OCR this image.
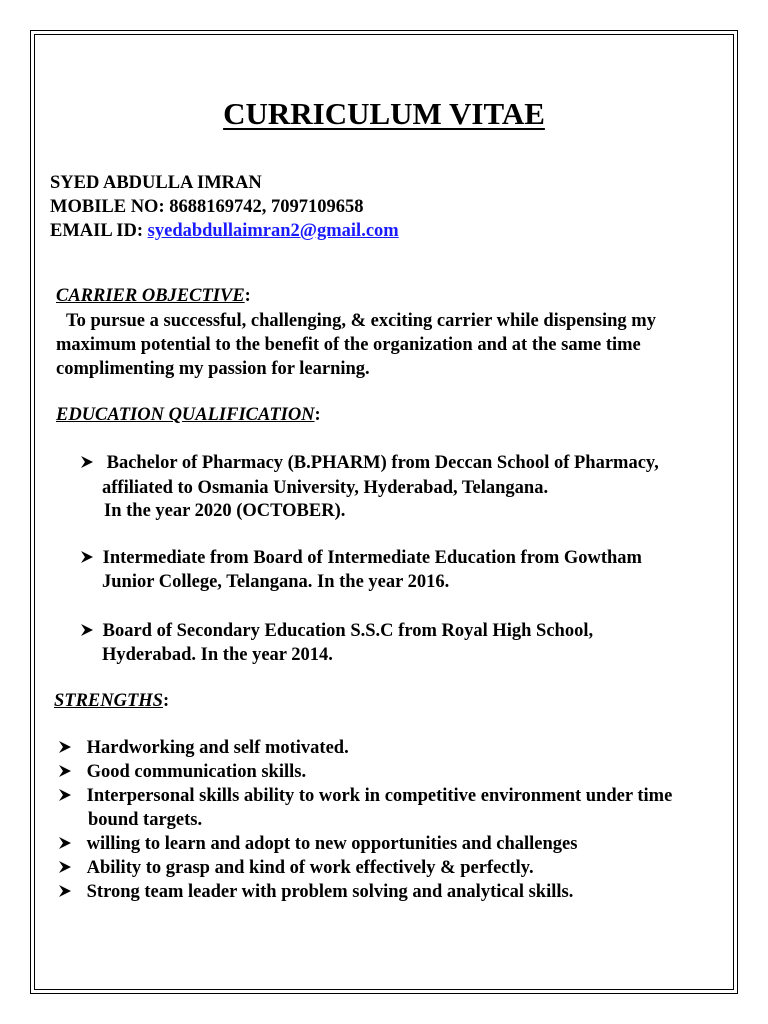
CURRICULUM VITAE
SYED ABDULLA IMRAN
MOBILE NO: 8688169742, 7097109658
EMAIL ID: syedabdullaimran2@gmail.com
CARRIER OBJECTIVE:
To pursue a successful, challenging, & exciting carrier while dispensing my
maximum potential to the benefit of the organization and at the same time
complimenting my passion for learning.
EDUCATION QUALIFICATION:
Bachelor of Pharmacy (B.PHARM) from Deccan School of Pharmacy,
affiliated to Osmania University, Hyderabad, Telangana.
In the year 2020 (OCTOBER).
Intermediate from Board of Intermediate Education from Gowtham
Junior College, Telangana. In the year 2016.
Board of Secondary Education S.S.C from Royal High School,
Hyderabad. In the year 2014.
STRENGTHS:
Hardworking and self motivated.
Good communication skills.
Interpersonal skills ability to work in competitive environment under time
bound targets.
willing to learn and adopt to new opportunities and challenges
Ability to grasp and kind of work effectively & perfectly.
Strong team leader with problem solving and analytical skills.
